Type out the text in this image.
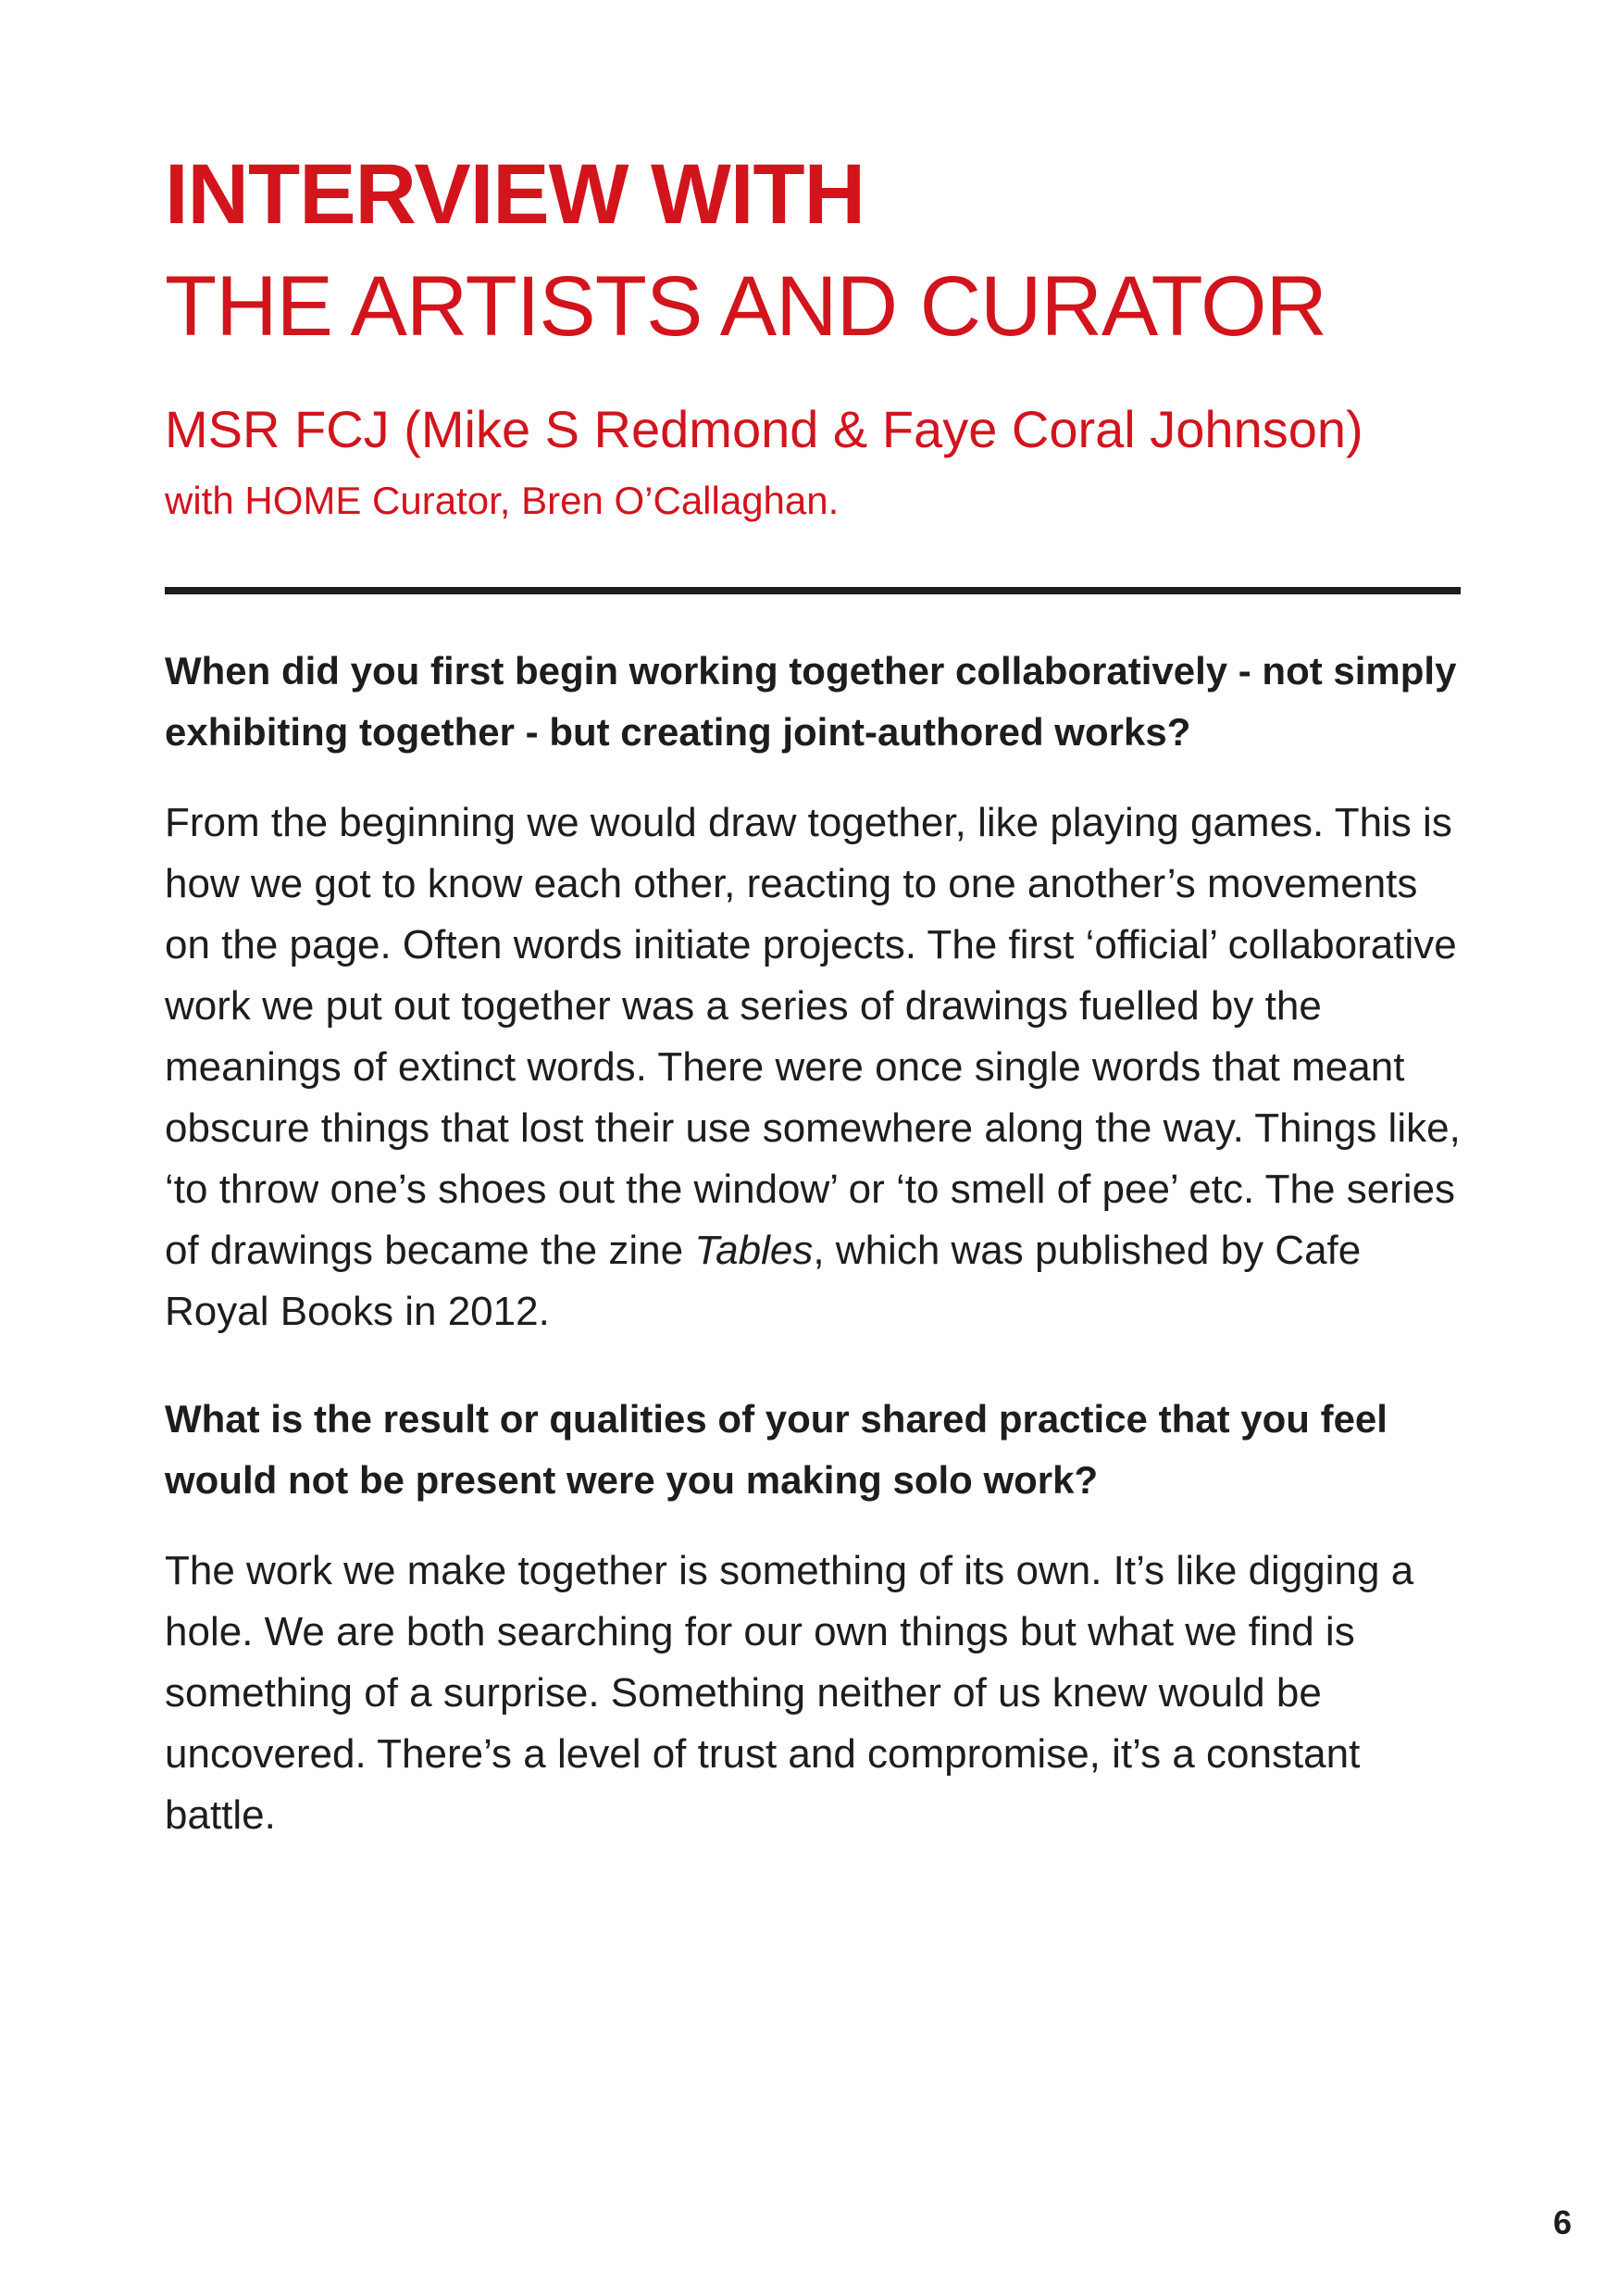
INTERVIEW WITH
THE ARTISTS AND CURATOR

MSR FCJ (Mike S Redmond & Faye Coral Johnson)

with HOME Curator, Bren O’Callaghan.

When did you first begin working together collaboratively - not simply exhibiting together - but creating joint-authored works?

From the beginning we would draw together, like playing games. This is how we got to know each other, reacting to one another’s movements on the page. Often words initiate projects. The first ‘official’ collaborative work we put out together was a series of drawings fuelled by the meanings of extinct words. There were once single words that meant obscure things that lost their use somewhere along the way. Things like, ‘to throw one’s shoes out the window’ or ‘to smell of pee’ etc. The series of drawings became the zine Tables, which was published by Cafe Royal Books in 2012.

What is the result or qualities of your shared practice that you feel would not be present were you making solo work?

The work we make together is something of its own. It’s like digging a hole. We are both searching for our own things but what we find is something of a surprise. Something neither of us knew would be uncovered. There’s a level of trust and compromise, it’s a constant battle.

6
